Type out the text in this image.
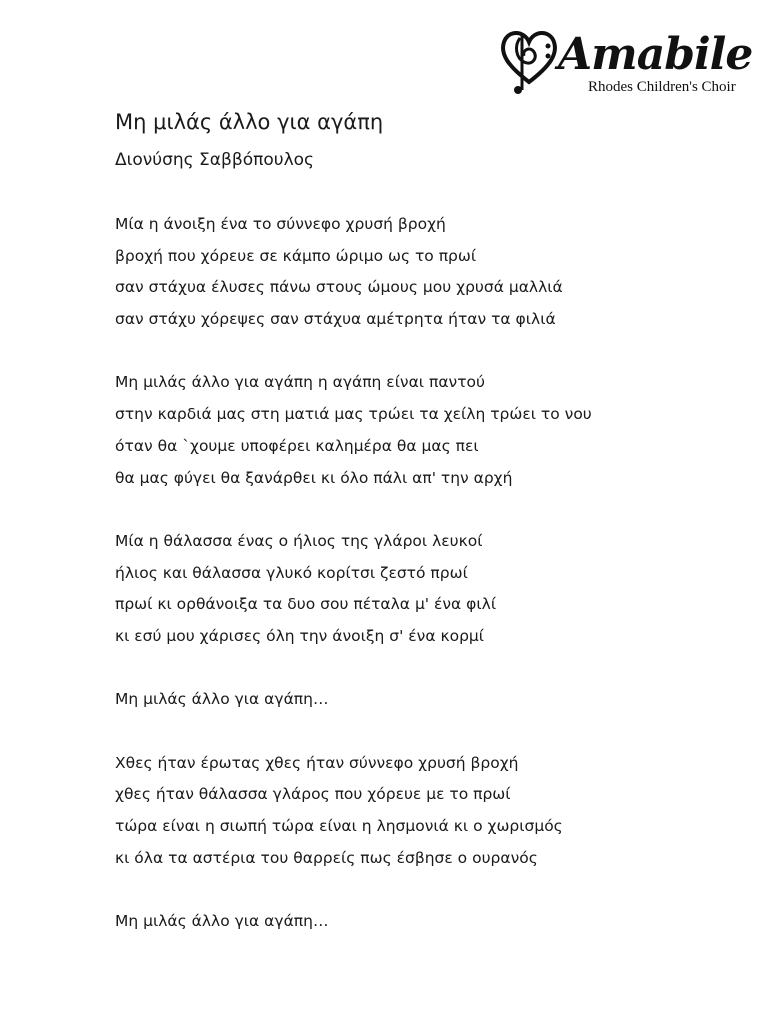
Amabile
Rhodes Children's Choir
Μη μιλάς άλλο για αγάπη
Διονύσης Σαββόπουλος
Μία η άνοιξη ένα το σύννεφο χρυσή βροχή
βροχή που χόρευε σε κάμπο ώριμο ως το πρωί
σαν στάχυα έλυσες πάνω στους ώμους μου χρυσά μαλλιά
σαν στάχυ χόρεψες σαν στάχυα αμέτρητα ήταν τα φιλιά
Μη μιλάς άλλο για αγάπη η αγάπη είναι παντού
στην καρδιά μας στη ματιά μας τρώει τα χείλη τρώει το νου
όταν θα `χουμε υποφέρει καλημέρα θα μας πει
θα μας φύγει θα ξανάρθει κι όλο πάλι απ' την αρχή
Μία η θάλασσα ένας ο ήλιος της γλάροι λευκοί
ήλιος και θάλασσα γλυκό κορίτσι ζεστό πρωί
πρωί κι ορθάνοιξα τα δυο σου πέταλα μ' ένα φιλί
κι εσύ μου χάρισες όλη την άνοιξη σ' ένα κορμί
Μη μιλάς άλλο για αγάπη…
Χθες ήταν έρωτας χθες ήταν σύννεφο χρυσή βροχή
χθες ήταν θάλασσα γλάρος που χόρευε με το πρωί
τώρα είναι η σιωπή τώρα είναι η λησμονιά κι ο χωρισμός
κι όλα τα αστέρια του θαρρείς πως έσβησε ο ουρανός
Μη μιλάς άλλο για αγάπη…
